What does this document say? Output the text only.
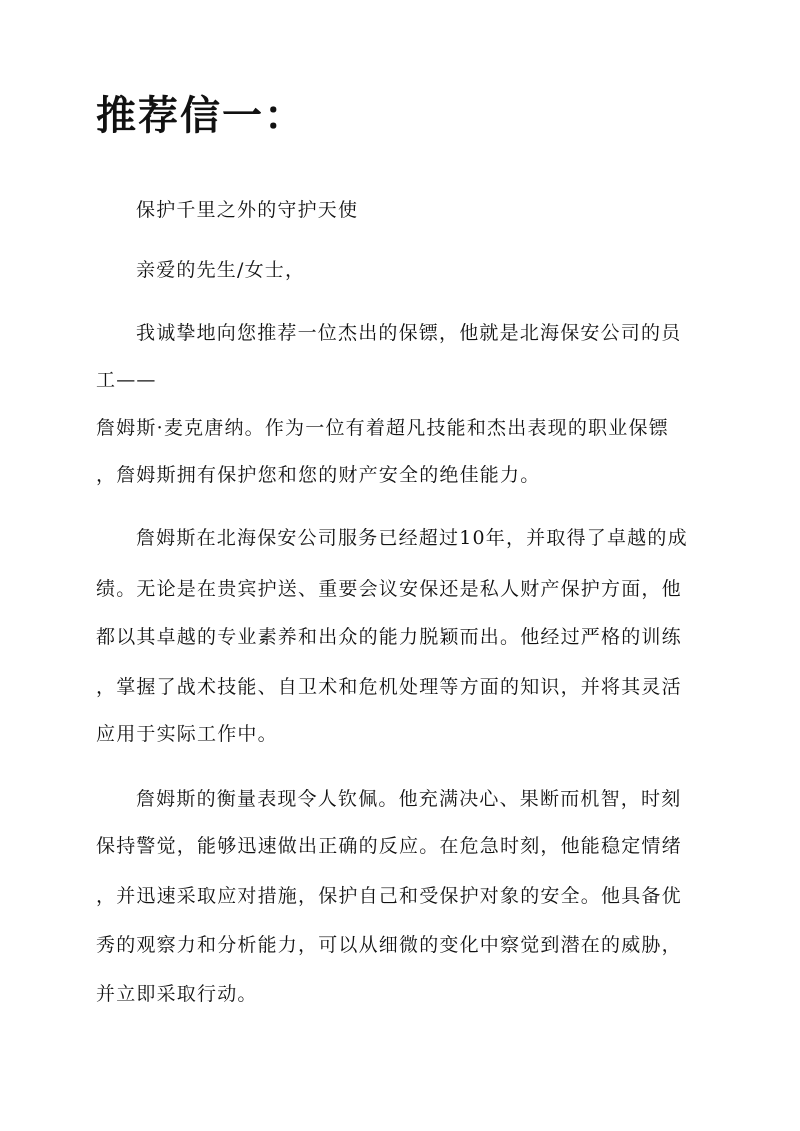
推荐信一：

保护千里之外的守护天使

亲爱的先生/女士，

我诚挚地向您推荐一位杰出的保镖，他就是北海保安公司的员

工——

詹姆斯·麦克唐纳。作为一位有着超凡技能和杰出表现的职业保镖

，詹姆斯拥有保护您和您的财产安全的绝佳能力。

詹姆斯在北海保安公司服务已经超过10年，并取得了卓越的成

绩。无论是在贵宾护送、重要会议安保还是私人财产保护方面，他

都以其卓越的专业素养和出众的能力脱颖而出。他经过严格的训练

，掌握了战术技能、自卫术和危机处理等方面的知识，并将其灵活

应用于实际工作中。

詹姆斯的衡量表现令人钦佩。他充满决心、果断而机智，时刻

保持警觉，能够迅速做出正确的反应。在危急时刻，他能稳定情绪

，并迅速采取应对措施，保护自己和受保护对象的安全。他具备优

秀的观察力和分析能力，可以从细微的变化中察觉到潜在的威胁，

并立即采取行动。
